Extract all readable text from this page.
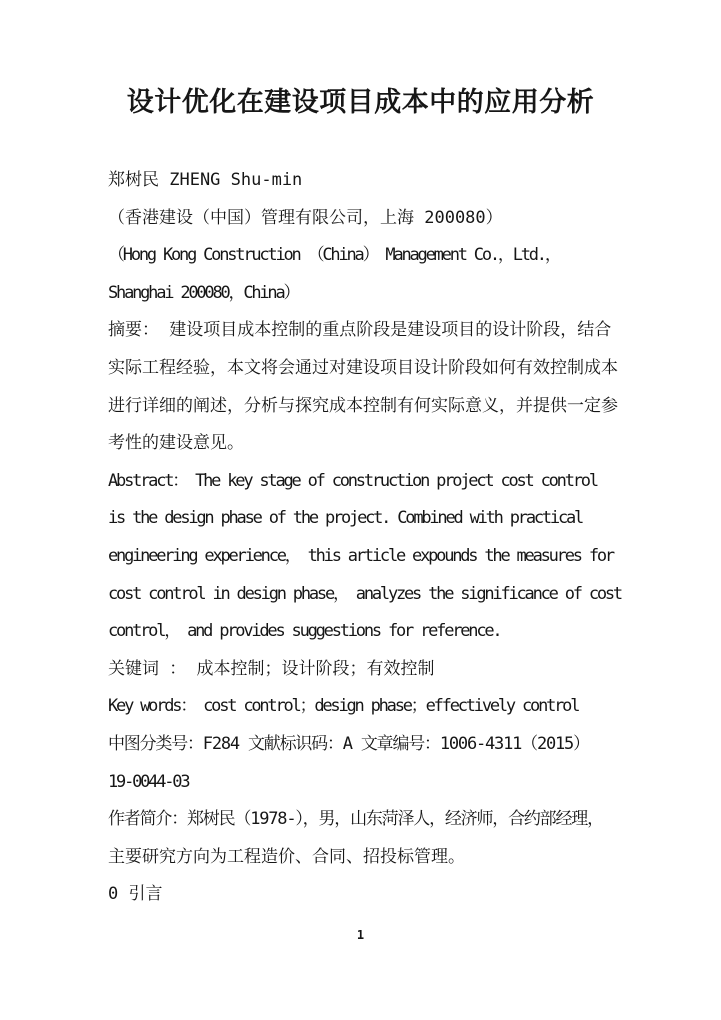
设计优化在建设项目成本中的应用分析
郑树民 ZHENG Shu-min
（香港建设（中国）管理有限公司，上海 200080）
（Hong Kong Construction （China） Management Co.，Ltd.，
Shanghai 200080，China）
摘要： 建设项目成本控制的重点阶段是建设项目的设计阶段，结合
实际工程经验，本文将会通过对建设项目设计阶段如何有效控制成本
进行详细的阐述，分析与探究成本控制有何实际意义，并提供一定参
考性的建设意见。
Abstract： The key stage of construction project cost control
is the design phase of the project. Combined with practical
engineering experience， this article expounds the measures for
cost control in design phase， analyzes the significance of cost
control， and provides suggestions for reference.
关键词 ： 成本控制；设计阶段；有效控制
Key words： cost control；design phase；effectively control
中图分类号：F284 文献标识码：A 文章编号：1006-4311（2015）
19-0044-03
作者简介：郑树民（1978-），男，山东菏泽人，经济师，合约部经理，
主要研究方向为工程造价、合同、招投标管理。
0 引言
1
